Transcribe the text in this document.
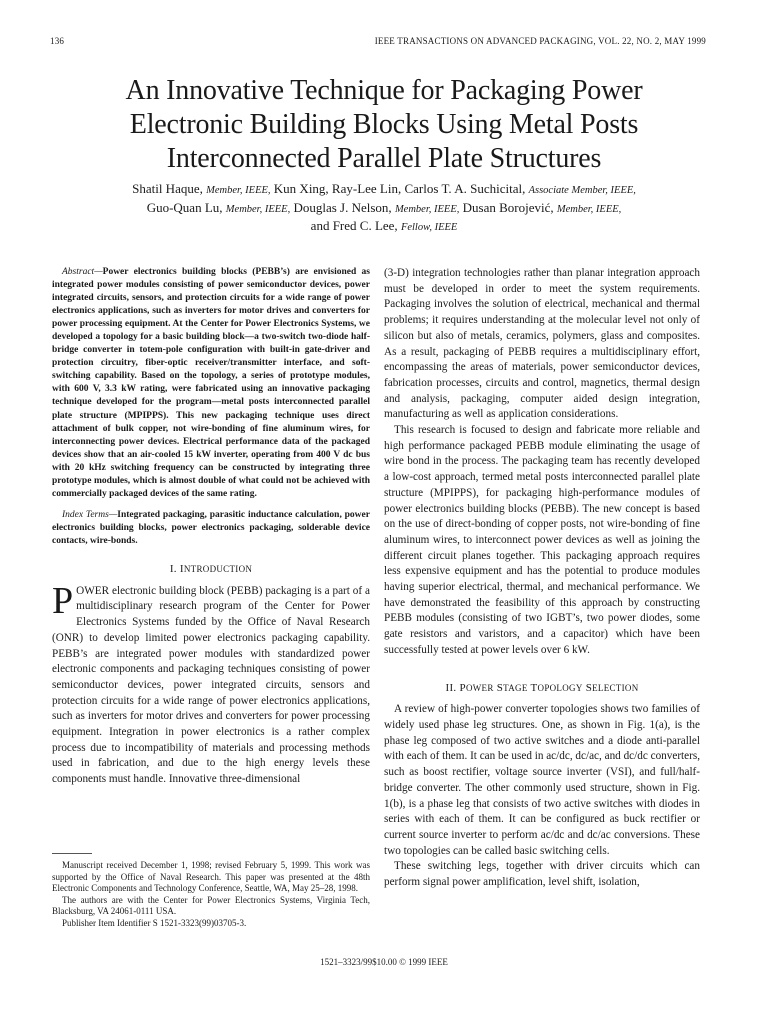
136	IEEE TRANSACTIONS ON ADVANCED PACKAGING, VOL. 22, NO. 2, MAY 1999
An Innovative Technique for Packaging Power
Electronic Building Blocks Using Metal Posts
Interconnected Parallel Plate Structures
Shatil Haque, Member, IEEE, Kun Xing, Ray-Lee Lin, Carlos T. A. Suchicital, Associate Member, IEEE,
Guo-Quan Lu, Member, IEEE, Douglas J. Nelson, Member, IEEE, Dusan Borojević, Member, IEEE,
and Fred C. Lee, Fellow, IEEE

Abstract—Power electronics building blocks (PEBB’s) are envisioned as integrated power modules consisting of power semiconductor devices, power integrated circuits, sensors, and protection circuits for a wide range of power electronics applications, such as inverters for motor drives and converters for power processing equipment. At the Center for Power Electronics Systems, we developed a topology for a basic building block—a two-switch two-diode half-bridge converter in totem-pole configuration with built-in gate-driver and protection circuitry, fiber-optic receiver/transmitter interface, and soft-switching capability. Based on the topology, a series of prototype modules, with 600 V, 3.3 kW rating, were fabricated using an innovative packaging technique developed for the program—metal posts interconnected parallel plate structure (MPIPPS). This new packaging technique uses direct attachment of bulk copper, not wire-bonding of fine aluminum wires, for interconnecting power devices. Electrical performance data of the packaged devices show that an air-cooled 15 kW inverter, operating from 400 V dc bus with 20 kHz switching frequency can be constructed by integrating three prototype modules, which is almost double of what could not be achieved with commercially packaged devices of the same rating.

Index Terms—Integrated packaging, parasitic inductance calculation, power electronics building blocks, power electronics packaging, solderable device contacts, wire-bonds.

I. INTRODUCTION

POWER electronic building block (PEBB) packaging is a part of a multidisciplinary research program of the Center for Power Electronics Systems funded by the Office of Naval Research (ONR) to develop limited power electronics packaging capability. PEBB’s are integrated power modules with standardized power electronic components and packaging techniques consisting of power semiconductor devices, power integrated circuits, sensors and protection circuits for a wide range of power electronics applications, such as inverters for motor drives and converters for power processing equipment. Integration in power electronics is a rather complex process due to incompatibility of materials and processing methods used in fabrication, and due to the high energy levels these components must handle. Innovative three-dimensional

Manuscript received December 1, 1998; revised February 5, 1999. This work was supported by the Office of Naval Research. This paper was presented at the 48th Electronic Components and Technology Conference, Seattle, WA, May 25–28, 1998.

The authors are with the Center for Power Electronics Systems, Virginia Tech, Blacksburg, VA 24061-0111 USA.

Publisher Item Identifier S 1521-3323(99)03705-3.

(3-D) integration technologies rather than planar integration approach must be developed in order to meet the system requirements. Packaging involves the solution of electrical, mechanical and thermal problems; it requires understanding at the molecular level not only of silicon but also of metals, ceramics, polymers, glass and composites. As a result, packaging of PEBB requires a multidisciplinary effort, encompassing the areas of materials, power semiconductor devices, fabrication processes, circuits and control, magnetics, thermal design and analysis, packaging, computer aided design integration, manufacturing as well as application considerations.

This research is focused to design and fabricate more reliable and high performance packaged PEBB module eliminating the usage of wire bond in the process. The packaging team has recently developed a low-cost approach, termed metal posts interconnected parallel plate structure (MPIPPS), for packaging high-performance modules of power electronics building blocks (PEBB). The new concept is based on the use of direct-bonding of copper posts, not wire-bonding of fine aluminum wires, to interconnect power devices as well as joining the different circuit planes together. This packaging approach requires less expensive equipment and has the potential to produce modules having superior electrical, thermal, and mechanical performance. We have demonstrated the feasibility of this approach by constructing PEBB modules (consisting of two IGBT’s, two power diodes, some gate resistors and varistors, and a capacitor) which have been successfully tested at power levels over 6 kW.

II. POWER STAGE TOPOLOGY SELECTION

A review of high-power converter topologies shows two families of widely used phase leg structures. One, as shown in Fig. 1(a), is the phase leg composed of two active switches and a diode anti-parallel with each of them. It can be used in ac/dc, dc/ac, and dc/dc converters, such as boost rectifier, voltage source inverter (VSI), and full/half-bridge converter. The other commonly used structure, shown in Fig. 1(b), is a phase leg that consists of two active switches with diodes in series with each of them. It can be configured as buck rectifier or current source inverter to perform ac/dc and dc/ac conversions. These two topologies can be called basic switching cells.

These switching legs, together with driver circuits which can perform signal power amplification, level shift, isolation,

1521–3323/99$10.00 © 1999 IEEE
